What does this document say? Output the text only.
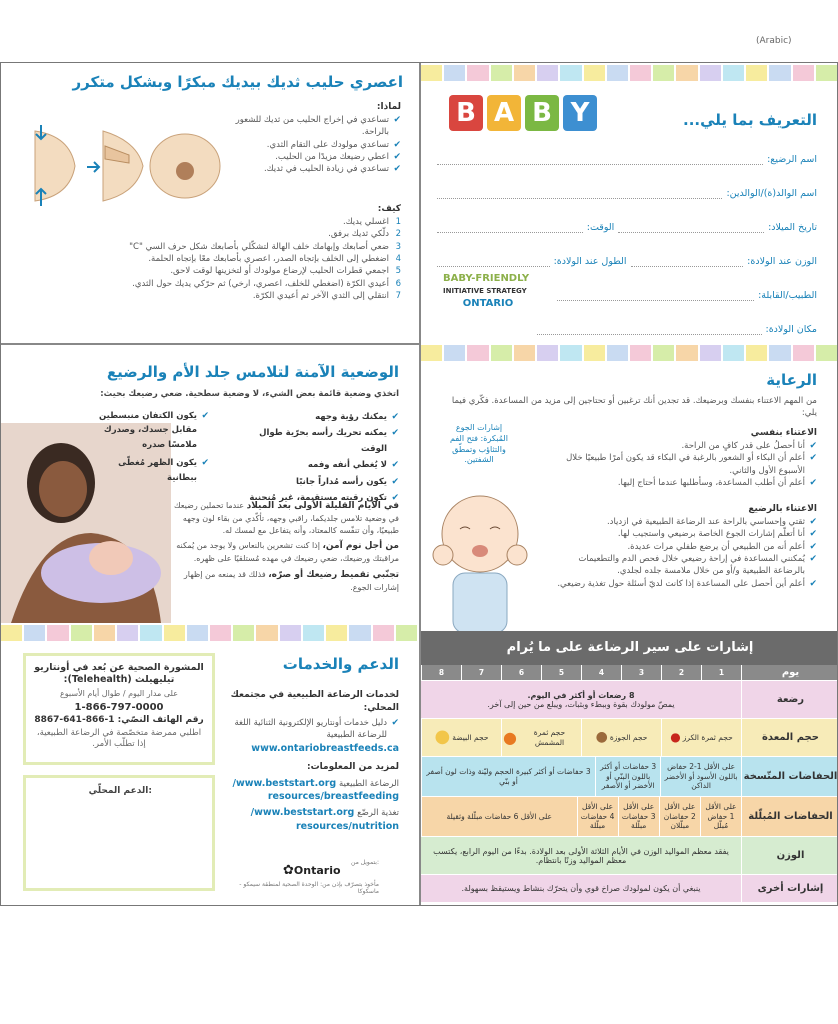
(Arabic)
اعصري حليب ثديك بيديك مبكرًا وبشكل متكرر
لماذا:
✔ تساعدي في إخراج الحليب من ثديك للشعور بالراحة.
✔ تساعدي مولودك على التقام الثدي.
✔ اعطي رضيعك مزيدًا من الحليب.
✔ تساعدي في زيادة الحليب في ثديك.
كيف:
1
اغسلي يديك.
2
دلّكي ثديك برفق.
3
ضعي أصابعك وإبهامك خلف الهالة لتشكّلي بأصابعك شكل حرف السي "C"
4
اضغطي إلى الخلف بإتجاه الصدر، اعصري بأصابعك معًا بإتجاه الحلمة.
5
اجمعي قطرات الحليب لإرضاع مولودك أو لتخزينها لوقت لاحق.
6
أعيدي الكرّة (اضغطي للخلف، اعصري، ارخي) ثم حرّكي يديك حول الثدي.
7
انتقلي إلى الثدي الآخر ثم أعيدي الكرّة.
B A B Y	التعريف بما يلي...
اسم الرضيع:
اسم الوالد(ة)/الوالدين:
تاريخ الميلاد:
الوقت:
الوزن عند الولادة:
الطول عند الولادة:
الطبيب/القابلة:
مكان الولادة:
BABY-FRIENDLY
INITIATIVE STRATEGY
ONTARIO
الوضعية الآمنة لتلامس جلد الأم والرضيع
اتخذي وضعية قائمة بعض الشيء، لا وضعية سطحية. ضعي رضيعك بحيث:
✔ يمكنك رؤية وجهه
✔ يمكنه تحريك رأسه بحرّية طوال الوقت
✔ لا يُغطي أنفه وفمه
✔ يكون رأسه مُداراً جانبًا
✔ تكون رقبته مستقيمة، غير مُنحنية
✔ يكون الكتفان منبسطين مقابل جسدك، وصدرك ملامسًا صدره
✔ يكون الظهر مُغطّى ببطانية
في الأيام القليلة الأولى بعد الميلاد عندما تحملين رضيعك في وضعية تلامس جلديكما، راقبي وجهه، تأكّدي من بقاء لون وجهه طبيعيًا، وأن تنفّسه كالمعتاد، وأنه يتفاعل مع لمسك له.
من أجل نوم آمن، إذا كنت تشعرين بالنعاس ولا يوجد من يُمكنه مراقبتك ورضيعك، ضعي رضيعك في مهده مُستلقيًا على ظهره.
تجنّبي تقميط رضيعك أو صرّه، فذلك قد يمنعه من إظهار إشارات الجوع.
الرعاية
من المهم الاعتناء بنفسك وبرضيعك. قد تجدين أنك ترغبين أو تحتاجين إلى مزيد من المساعدة. فكّري فيما يلي:
الاعتناء بنفسي
✔ أنا أحصلُ على قدر كافٍ من الراحة.
✔ أعلم أن البكاء أو الشعور بالرغبة في البكاء قد يكون أمرًا طبيعيًا خلال الأسبوع الأول والثاني.
✔ أعلم أن أطلب المساعدة، وسأطلبها عندما أحتاج إليها.
الاعتناء بالرضيع
✔ ثقتي وإحساسي بالراحة عند الرضاعة الطبيعية في ازدياد.
✔ أنا أتعلّم إشارات الجوع الخاصة برضيعي واستجيب لها.
✔ أعلم أنه من الطبيعي أن يرضع طفلي مرات عديدة.
✔ يُمكنني المساعدة في إراحة رضيعي خلال فحص الدم والتطعيمات بالرضاعة الطبيعية و/أو من خلال ملامسة جلده لجلدي.
✔ أعلم أين أحصل على المساعدة إذا كانت لديّ أسئلة حول تغذية رضيعي.
إشارات الجوع المُبكرة: فتح الفم والتثاؤب وتمطّق الشفتين.
المشورة الصحية عن بُعد في أونتاريو تيليهيلث (Telehealth):
على مدار اليوم / طوال أيام الأسبوع
1-866-797-0000
رقم الهاتف النصّي: 1-866-641-8867
اطلبي ممرضة متخصّصة في الرضاعة الطبيعية، إذا تطلّب الأمر.
الدعم المحلّي:
الدعم والخدمات
لخدمات الرضاعة الطبيعية في مجتمعك المحلي:
✔ دليل خدمات أونتاريو الإلكترونية الثنائية اللغة للرضاعة الطبيعية
www.ontariobreastfeeds.ca
لمزيد من المعلومات:
الرضاعة الطبيعية www.beststart.org/
resources/breastfeeding
تغذية الرضّع www.beststart.org/
resources/nutrition
بتمويل من:
✿Ontario
مأخوذ بتصرّف بإذن من: الوحدة الصحية لمنطقة سيمكو - ماسكوكا
إشارات على سير الرضاعة على ما يُرام
1
2
3
4
5
6
7
8	يوم
8 رضعات أو أكثر في اليوم.
يمصّ مولودك بقوة وببطء وبثبات، ويبلع من حين إلى آخر.	رضعة
حجم ثمرة الكرز
●
حجم الجوزة
●
حجم ثمرة المشمش
●
حجم البيضة
●	حجم المعدة
على الأقل 1-2 حفاض باللون الأسود أو الأخضر الداكن
3 حفاضات أو أكثر باللون البنّي أو الأخضر أو الأصفر
3 حفاضات أو أكثر كبيرة الحجم وليّنة وذات لون أصفر أو بنّي	الحفاضات المتّسخة
على الأقل 1 حفاض مُبلّل
على الأقل 2 حفاضان مبلّلان
على الأقل 3 حفاضات مبلّلة
على الأقل 4 حفاضات مبلّلة
على الأقل 6 حفاضات مبلّلة وثقيلة	الحفاضات المُبلّلة
يفقد معظم المواليد الوزن في الأيام الثلاثة الأولى بعد الولادة. بدءًا من اليوم الرابع، يكتسب معظم المواليد وزنًا بانتظام.	الوزن
ينبغي أن يكون لمولودك صراخ قوي وأن يتحرّك بنشاط ويستيقظ بسهولة.	إشارات أخرى
